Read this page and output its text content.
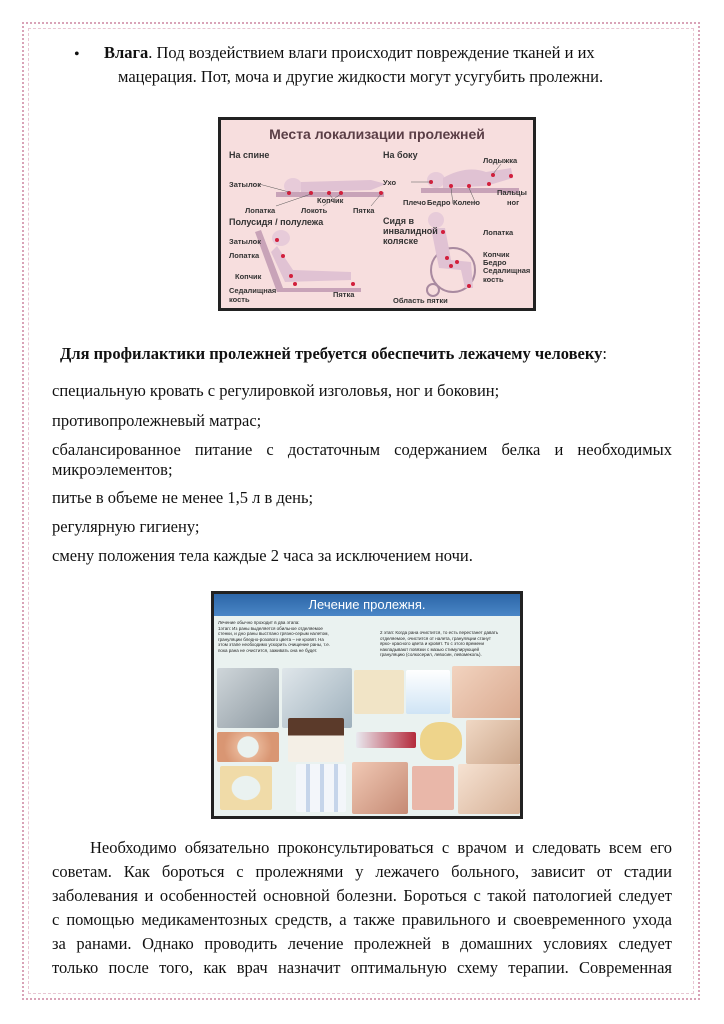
• Влага. Под воздействием влаги происходит повреждение тканей и их
мацерация. Пот, моча и другие жидкости могут усугубить пролежни.
Места локализации пролежней
На спине	На боку
Полусидя / полулежа	Сидя в
инвалидной
коляске
Затылок
Копчик
Лопатка	Локоть	Пятка
Лодыжка
Ухо
Пальцы
Плечо Бедро Колено	ног
Затылок
Лопатка
Копчик
Седалищная
кость
Пятка
Лопатка
Копчик
Бедро
Седалищная
кость
Область пятки
Для профилактики пролежней требуется обеспечить лежачему человеку:
специальную кровать с регулировкой изголовья, ног и боковин;
противопролежневый матрас;
сбалансированное питание с достаточным содержанием белка и необходимых
микроэлементов;
питье в объеме не менее 1,5 л в день;
регулярную гигиену;
смену положения тела каждые 2 часа за исключением ночи.
Лечение пролежня.
Лечение обычно проходит в два этапа:
1этап: Из раны выделяется обильное отделяемое
стенки, и дно раны выстлано грязно-серым налетом,
грануляции бледно-розового цвета – не кровят. На
этом этапе необходимо ускорить очищение раны, т.е.
пока рана не очистится, заживать она не будет.
2 этап: Когда рана очистится, то есть перестанет давать
отделяемое, очистится от налета, грануляции станут
ярко- красного цвета и кровят. То с этого времени
накладывают повязки с мазью стимулирующей
грануляцию (солкосерил, левосин, левомеколь).
Необходимо обязательно проконсультироваться с врачом и следовать всем его
советам. Как бороться с пролежнями у лежачего больного, зависит от стадии
заболевания и особенностей основной болезни. Бороться с такой патологией следует
с помощью медикаментозных средств, а также правильного и своевременного ухода
за ранами. Однако проводить лечение пролежней в домашних условиях следует
только после того, как врач назначит оптимальную схему терапии. Современная
